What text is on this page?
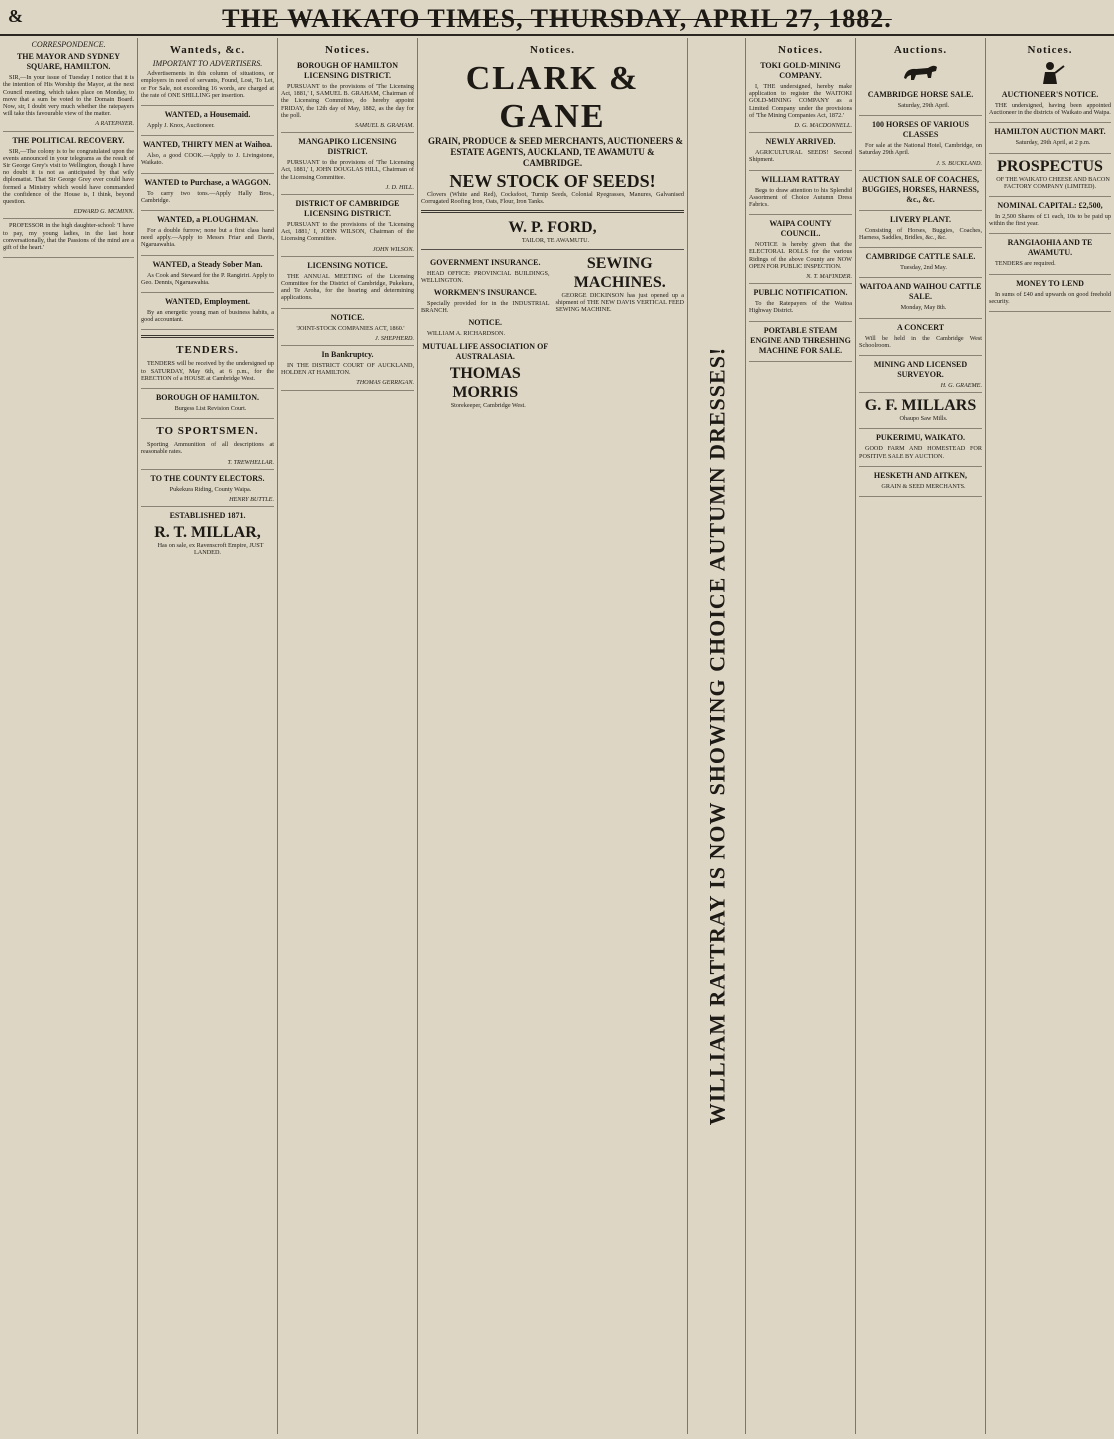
&	THE WAIKATO TIMES, THURSDAY, APRIL 27, 1882.
CORRESPONDENCE.
THE MAYOR AND SYDNEY SQUARE, HAMILTON.

SIR,—In your issue of Tuesday I notice that it is the intention of His Worship the Mayor, at the next Council meeting, which takes place on Monday, to move that a sum be voted to the Domain Board. Now, sir, I doubt very much whether the ratepayers will take this favourable view of the matter.

A RATEPAYER.
THE POLITICAL RECOVERY.

SIR,—The colony is to be congratulated upon the events announced in your telegrams as the result of Sir George Grey's visit to Wellington, though I have no doubt it is not as anticipated by that wily diplomatist. That Sir George Grey ever could have formed a Ministry which would have commanded the confidence of the House is, I think, beyond question.

EDWARD G. MCMINN.

PROFESSOR in the high daughter-school: 'I have to pay, my young ladies, in the last hour conversationally, that the Passions of the mind are a gift of the heart.'

Wanteds, &c.
IMPORTANT TO ADVERTISERS.

Advertisements in this column of situations, or employers in need of servants, Found, Lost, To Let, or For Sale, not exceeding 16 words, are charged at the rate of ONE SHILLING per insertion.

WANTED, a Housemaid.

Apply J. Knox, Auctioneer.

WANTED, THIRTY MEN at Waihoa.

Also, a good COOK.—Apply to J. Livingstone, Waikato.

WANTED to Purchase, a WAGGON.

To carry two tons.—Apply Hally Bros., Cambridge.

WANTED, a PLOUGHMAN.

For a double furrow; none but a first class hand need apply.—Apply to Messrs Friar and Davis, Ngaruawahia.

WANTED, a Steady Sober Man.

As Cook and Steward for the P. Rangiriri. Apply to Geo. Dennis, Ngaruawahia.

WANTED, Employment.

By an energetic young man of business habits, a good accountant.

TENDERS.

TENDERS will be received by the undersigned up to SATURDAY, May 6th, at 6 p.m., for the ERECTION of a HOUSE at Cambridge West.

BOROUGH OF HAMILTON.

Burgess List Revision Court.

TO SPORTSMEN.

Sporting Ammunition of all descriptions at reasonable rates.

T. TREWHELLAR.
TO THE COUNTY ELECTORS.

Pukekura Riding, County Waipa.

HENRY BUTTLE.
ESTABLISHED 1871.
R. T. MILLAR,

Has on sale, ex Ravenscroft Empire, JUST LANDED.

Notices.
BOROUGH OF HAMILTON LICENSING DISTRICT.

PURSUANT to the provisions of 'The Licensing Act, 1881,' I, SAMUEL B. GRAHAM, Chairman of the Licensing Committee, do hereby appoint FRIDAY, the 12th day of May, 1882, as the day for the poll.

SAMUEL B. GRAHAM.
MANGAPIKO LICENSING DISTRICT.

PURSUANT to the provisions of 'The Licensing Act, 1881,' I, JOHN DOUGLAS HILL, Chairman of the Licensing Committee.

J. D. HILL.
DISTRICT OF CAMBRIDGE LICENSING DISTRICT.

PURSUANT to the provisions of the 'Licensing Act, 1881,' I, JOHN WILSON, Chairman of the Licensing Committee.

JOHN WILSON.
LICENSING NOTICE.

THE ANNUAL MEETING of the Licensing Committee for the District of Cambridge, Pukekura, and Te Aroha, for the hearing and determining applications.

NOTICE.

'JOINT-STOCK COMPANIES ACT, 1860.'

J. SHEPHERD.
In Bankruptcy.

IN THE DISTRICT COURT OF AUCKLAND, HOLDEN AT HAMILTON.

THOMAS GERRIGAN.
Notices.
CLARK & GANE

GRAIN, PRODUCE & SEED MERCHANTS, AUCTIONEERS & ESTATE AGENTS, AUCKLAND, TE AWAMUTU & CAMBRIDGE.

NEW STOCK OF SEEDS!

Clovers (White and Red), Cocksfoot, Turnip Seeds, Colonial Ryegrasses, Manures, Galvanised Corrugated Roofing Iron, Oats, Flour, Iron Tanks.

W. P. FORD,

TAILOR, TE AWAMUTU.

GOVERNMENT INSURANCE.

HEAD OFFICE: PROVINCIAL BUILDINGS, WELLINGTON.

WORKMEN'S INSURANCE.

Specially provided for in the INDUSTRIAL BRANCH.

NOTICE.

WILLIAM A. RICHARDSON.

MUTUAL LIFE ASSOCIATION OF AUSTRALASIA.
THOMAS MORRIS

Storekeeper, Cambridge West.

SEWING MACHINES.

GEORGE DICKINSON has just opened up a shipment of THE NEW DAVIS VERTICAL FEED SEWING MACHINE.

WILLIAM RATTRAY IS NOW SHOWING CHOICE AUTUMN DRESSES!
Notices.
TOKI GOLD-MINING COMPANY.

I, THE undersigned, hereby make application to register the WAITOKI GOLD-MINING COMPANY as a Limited Company under the provisions of 'The Mining Companies Act, 1872.'

D. G. MACDONNELL.
NEWLY ARRIVED.

AGRICULTURAL SEEDS! Second Shipment.

WILLIAM RATTRAY

Begs to draw attention to his Splendid Assortment of Choice Autumn Dress Fabrics.

WAIPA COUNTY COUNCIL.

NOTICE is hereby given that the ELECTORAL ROLLS for the various Ridings of the above County are NOW OPEN FOR PUBLIC INSPECTION.

N. T. MAFINDER.
PUBLIC NOTIFICATION.

To the Ratepayers of the Waitoa Highway District.

PORTABLE STEAM ENGINE AND THRESHING MACHINE FOR SALE.
Auctions.
CAMBRIDGE HORSE SALE.

Saturday, 29th April.

100 HORSES OF VARIOUS CLASSES

For sale at the National Hotel, Cambridge, on Saturday 29th April.

J. S. BUCKLAND.
AUCTION SALE OF COACHES, BUGGIES, HORSES, HARNESS, &c., &c.
LIVERY PLANT.

Consisting of Horses, Buggies, Coaches, Harness, Saddles, Bridles, &c., &c.

CAMBRIDGE CATTLE SALE.

Tuesday, 2nd May.

WAITOA AND WAIHOU CATTLE SALE.

Monday, May 8th.

A CONCERT

Will be held in the Cambridge West Schoolroom.

MINING AND LICENSED SURVEYOR.
H. G. GRAEME.
G. F. MILLARS

Ohaupo Saw Mills.

PUKERIMU, WAIKATO.

GOOD FARM AND HOMESTEAD FOR POSITIVE SALE BY AUCTION.

HESKETH AND AITKEN,

GRAIN & SEED MERCHANTS.

Notices.
AUCTIONEER'S NOTICE.

THE undersigned, having been appointed Auctioneer in the districts of Waikato and Waipa.

HAMILTON AUCTION MART.

Saturday, 29th April, at 2 p.m.

PROSPECTUS

OF THE WAIKATO CHEESE AND BACON FACTORY COMPANY (LIMITED).

NOMINAL CAPITAL: £2,500,

In 2,500 Shares of £1 each, 10s to be paid up within the first year.

RANGIAOHIA AND TE AWAMUTU.

TENDERS are required.

MONEY TO LEND

In sums of £40 and upwards on good freehold security.
